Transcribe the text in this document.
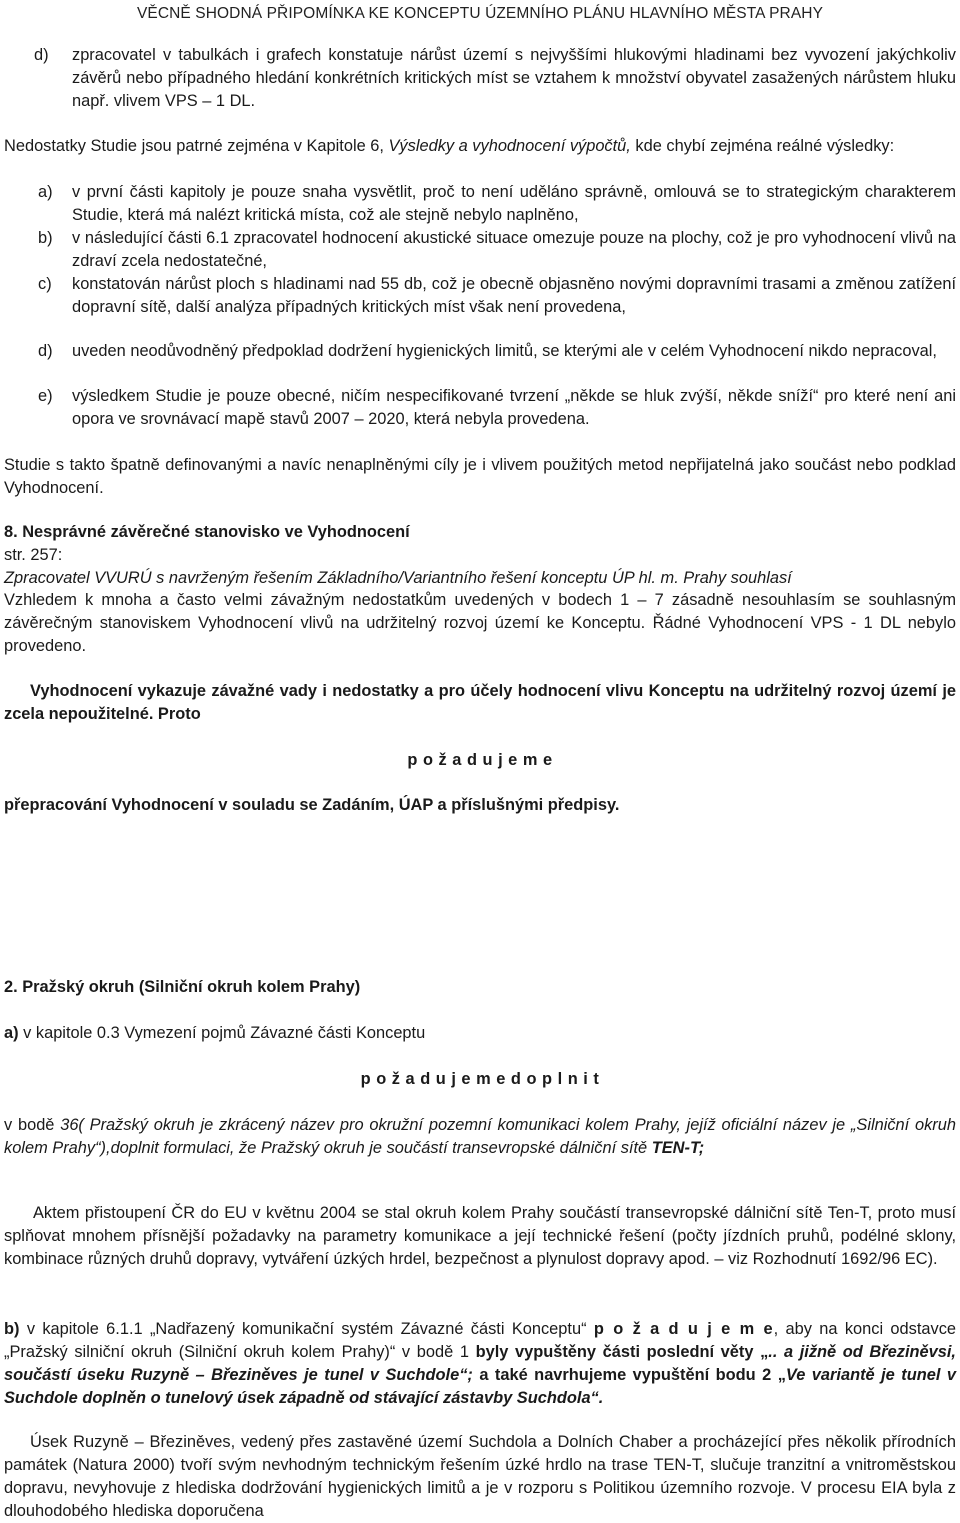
VĚCNĚ SHODNÁ PŘIPOMÍNKA KE KONCEPTU ÚZEMNÍHO PLÁNU HLAVNÍHO MĚSTA PRAHY
d) zpracovatel v tabulkách i grafech konstatuje nárůst území s nejvyššími hlukovými hladinami bez vyvození jakýchkoliv závěrů nebo případného hledání konkrétních kritických míst se vztahem k množství obyvatel zasažených nárůstem hluku např. vlivem VPS – 1 DL.
Nedostatky Studie jsou patrné zejména v Kapitole 6, Výsledky a vyhodnocení výpočtů, kde chybí zejména reálné výsledky:
a) v první části kapitoly je pouze snaha vysvětlit, proč to není uděláno správně, omlouvá se to strategickým charakterem Studie, která má nalézt kritická místa, což ale stejně nebylo naplněno,
b) v následující části 6.1 zpracovatel hodnocení akustické situace omezuje pouze na plochy, což je pro vyhodnocení vlivů na zdraví zcela nedostatečné,
c) konstatován nárůst ploch s hladinami nad 55 db, což je obecně objasněno novými dopravními trasami a změnou zatížení dopravní sítě, další analýza případných kritických míst však není provedena,
d) uveden neodůvodněný předpoklad dodržení hygienických limitů, se kterými ale v celém Vyhodnocení nikdo nepracoval,
e) výsledkem Studie je pouze obecné, ničím nespecifikované tvrzení „někde se hluk zvýší, někde sníží“ pro které není ani opora ve srovnávací mapě stavů 2007 – 2020, která nebyla provedena.
Studie s takto špatně definovanými a navíc nenaplněnými cíly je i vlivem použitých metod nepřijatelná jako součást nebo podklad Vyhodnocení.
8. Nesprávné závěrečné stanovisko ve Vyhodnocení
str. 257:
Zpracovatel VVURÚ s navrženým řešením Základního/Variantního řešení konceptu ÚP hl. m. Prahy souhlasí
Vzhledem k mnoha a často velmi závažným nedostatkům uvedených v bodech 1 – 7 zásadně nesouhlasím se souhlasným závěrečným stanoviskem Vyhodnocení vlivů na udržitelný rozvoj území ke Konceptu. Řádné Vyhodnocení VPS - 1 DL nebylo provedeno.
Vyhodnocení vykazuje závažné vady i nedostatky a pro účely hodnocení vlivu Konceptu na udržitelný rozvoj území je zcela nepoužitelné. Proto
p o ž a d u j e m e
přepracování Vyhodnocení v souladu se Zadáním, ÚAP a příslušnými předpisy.
2. Pražský okruh (Silniční okruh kolem Prahy)
a) v kapitole 0.3 Vymezení pojmů Závazné části Konceptu
p o ž a d u j e m e d o p l n i t
v bodě 36( Pražský okruh je zkrácený název pro okružní pozemní komunikaci kolem Prahy, jejíž oficiální název je „Silniční okruh kolem Prahy“),doplnit formulaci, že Pražský okruh je součástí transevropské dálniční sítě TEN-T;
Aktem přistoupení ČR do EU v květnu 2004 se stal okruh kolem Prahy součástí transevropské dálniční sítě Ten-T, proto musí splňovat mnohem přísnější požadavky na parametry komunikace a její technické řešení (počty jízdních pruhů, podélné sklony, kombinace různých druhů dopravy, vytváření úzkých hrdel, bezpečnost a plynulost dopravy apod. – viz Rozhodnutí 1692/96 EC).
b) v kapitole 6.1.1 „Nadřazený komunikační systém Závazné části Konceptu“ p o ž a d u j e m e, aby na konci odstavce „Pražský silniční okruh (Silniční okruh kolem Prahy)“ v bodě 1 byly vypuštěny části poslední věty „.. a jižně od Březiněvsi, součástí úseku Ruzyně – Březiněves je tunel v Suchdole“; a také navrhujeme vypuštění bodu 2 „Ve variantě je tunel v Suchdole doplněn o tunelový úsek západně od stávající zástavby Suchdola“.
Úsek Ruzyně – Březiněves, vedený přes zastavěné území Suchdola a Dolních Chaber a procházející přes několik přírodních památek (Natura 2000) tvoří svým nevhodným technickým řešením úzké hrdlo na trase TEN-T, slučuje tranzitní a vnitroměstskou dopravu, nevyhovuje z hlediska dodržování hygienických limitů a je v rozporu s Politikou územního rozvoje. V procesu EIA byla z dlouhodobého hlediska doporučena
